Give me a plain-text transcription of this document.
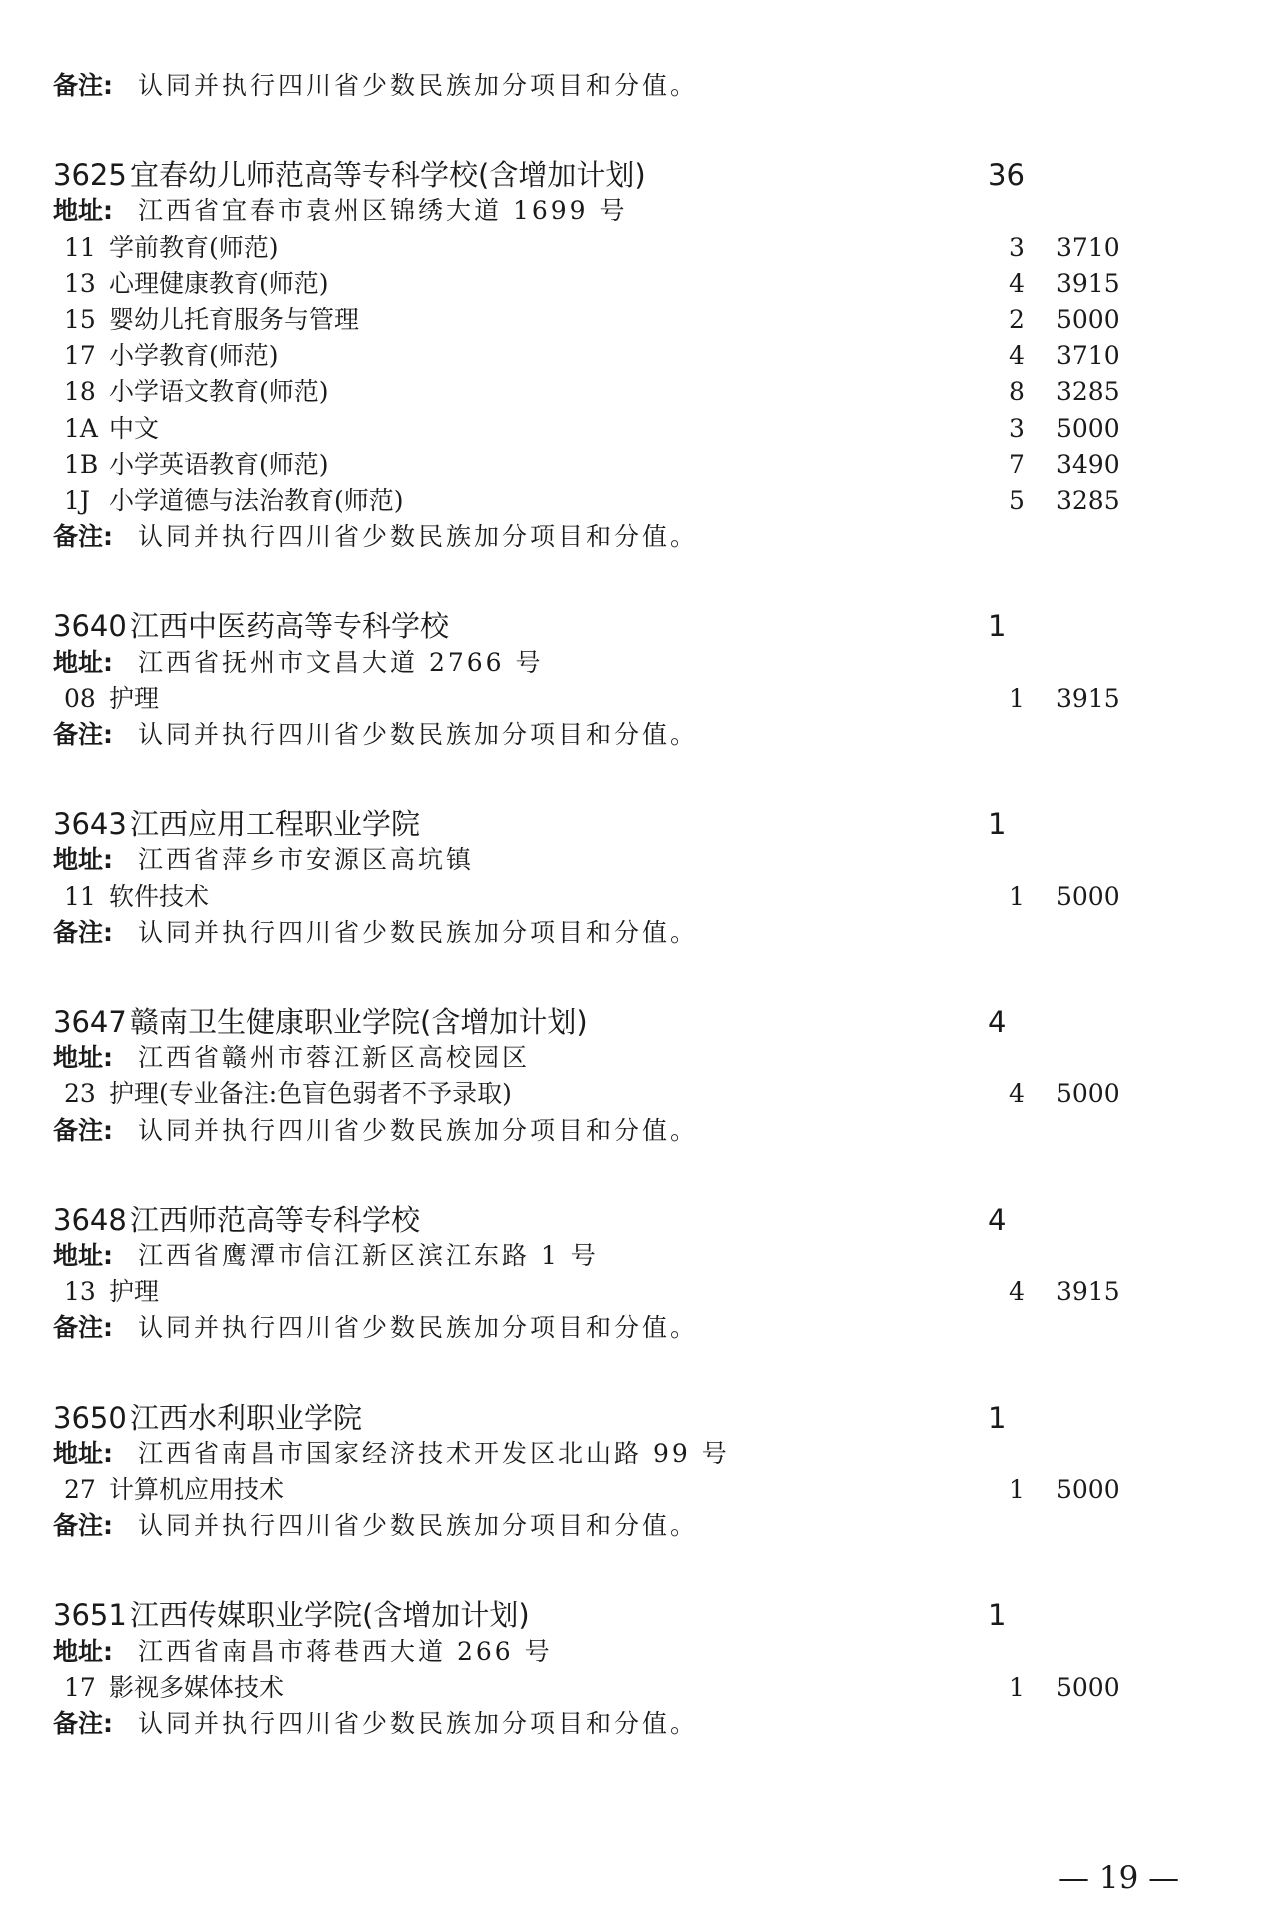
备注: 认同并执行四川省少数民族加分项目和分值。
3625 宜春幼儿师范高等专科学校(含增加计划)	36
地址: 江西省宜春市袁州区锦绣大道 1699 号
11 学前教育(师范)	3 3710
13 心理健康教育(师范)	4 3915
15 婴幼儿托育服务与管理	2 5000
17 小学教育(师范)	4 3710
18 小学语文教育(师范)	8 3285
1A 中文	3 5000
1B 小学英语教育(师范)	7 3490
1J 小学道德与法治教育(师范)	5 3285
备注: 认同并执行四川省少数民族加分项目和分值。
3640 江西中医药高等专科学校	1
地址: 江西省抚州市文昌大道 2766 号
08 护理	1 3915
备注: 认同并执行四川省少数民族加分项目和分值。
3643 江西应用工程职业学院	1
地址: 江西省萍乡市安源区高坑镇
11 软件技术	1 5000
备注: 认同并执行四川省少数民族加分项目和分值。
3647 赣南卫生健康职业学院(含增加计划)	4
地址: 江西省赣州市蓉江新区高校园区
23 护理(专业备注:色盲色弱者不予录取)	4 5000
备注: 认同并执行四川省少数民族加分项目和分值。
3648 江西师范高等专科学校	4
地址: 江西省鹰潭市信江新区滨江东路 1 号
13 护理	4 3915
备注: 认同并执行四川省少数民族加分项目和分值。
3650 江西水利职业学院	1
地址: 江西省南昌市国家经济技术开发区北山路 99 号
27 计算机应用技术	1 5000
备注: 认同并执行四川省少数民族加分项目和分值。
3651 江西传媒职业学院(含增加计划)	1
地址: 江西省南昌市蒋巷西大道 266 号
17 影视多媒体技术	1 5000
备注: 认同并执行四川省少数民族加分项目和分值。
— 19 —
